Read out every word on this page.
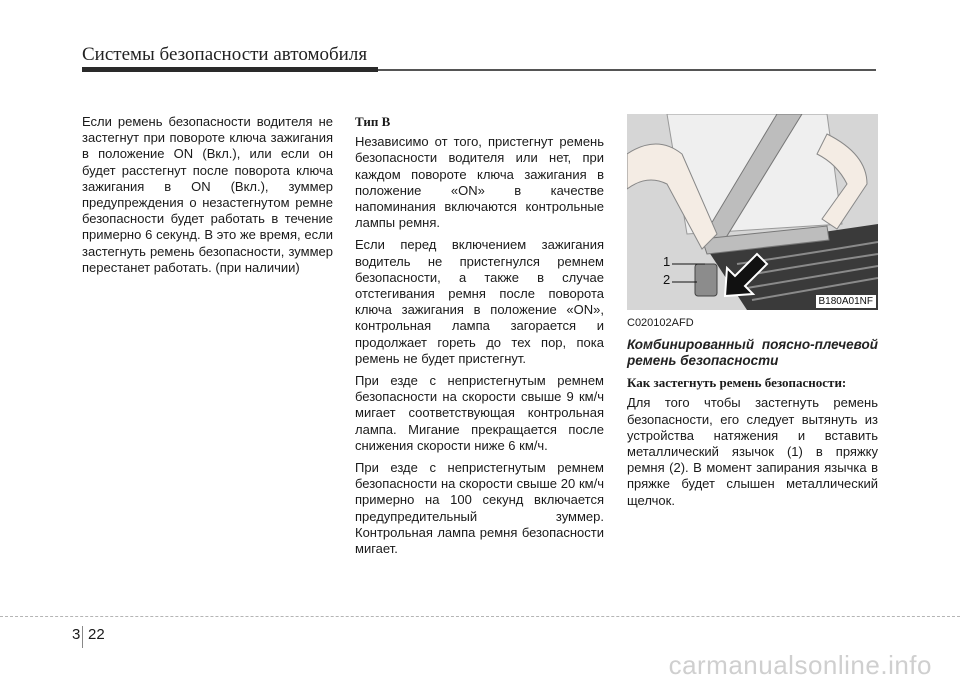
Системы безопасности автомобиля

Если ремень безопасности водителя не застегнут при повороте ключа зажигания в положение ON (Вкл.), или если он будет расстегнут после поворота ключа зажигания в ON (Вкл.), зуммер предупреждения о незастегнутом ремне безопасности будет работать в течение примерно 6 секунд. В это же время, если застегнуть ремень безопасности, зуммер перестанет работать. (при наличии)

Тип B

Независимо от того, пристегнут ремень безопасности водителя или нет, при каждом повороте ключа зажигания в положение «ON» в качестве напоминания включаются контрольные лампы ремня.

Если перед включением зажигания водитель не пристегнулся ремнем безопасности, а также в случае отстегивания ремня после поворота ключа зажигания в положение «ON», контрольная лампа загорается и продолжает гореть до тех пор, пока ремень не будет пристегнут.

При езде с непристегнутым ремнем безопасности на скорости свыше 9 км/ч мигает соответствующая контрольная лампа. Мигание прекращается после снижения скорости ниже 6 км/ч.

При езде с непристегнутым ремнем безопасности на скорости свыше 20 км/ч примерно на 100 секунд включается предупредительный зуммер. Контрольная лампа ремня безопасности мигает.

1
2
B180A01NF
C020102AFD
Комбинированный поясно-плечевой ремень безопасности
Как застегнуть ремень безопасности:

Для того чтобы застегнуть ремень безопасности, его следует вытянуть из устройства натяжения и вставить металлический язычок (1) в пряжку ремня (2). В момент запирания язычка в пряжке будет слышен металлический щелчок.

3 22
carmanualsonline.info
